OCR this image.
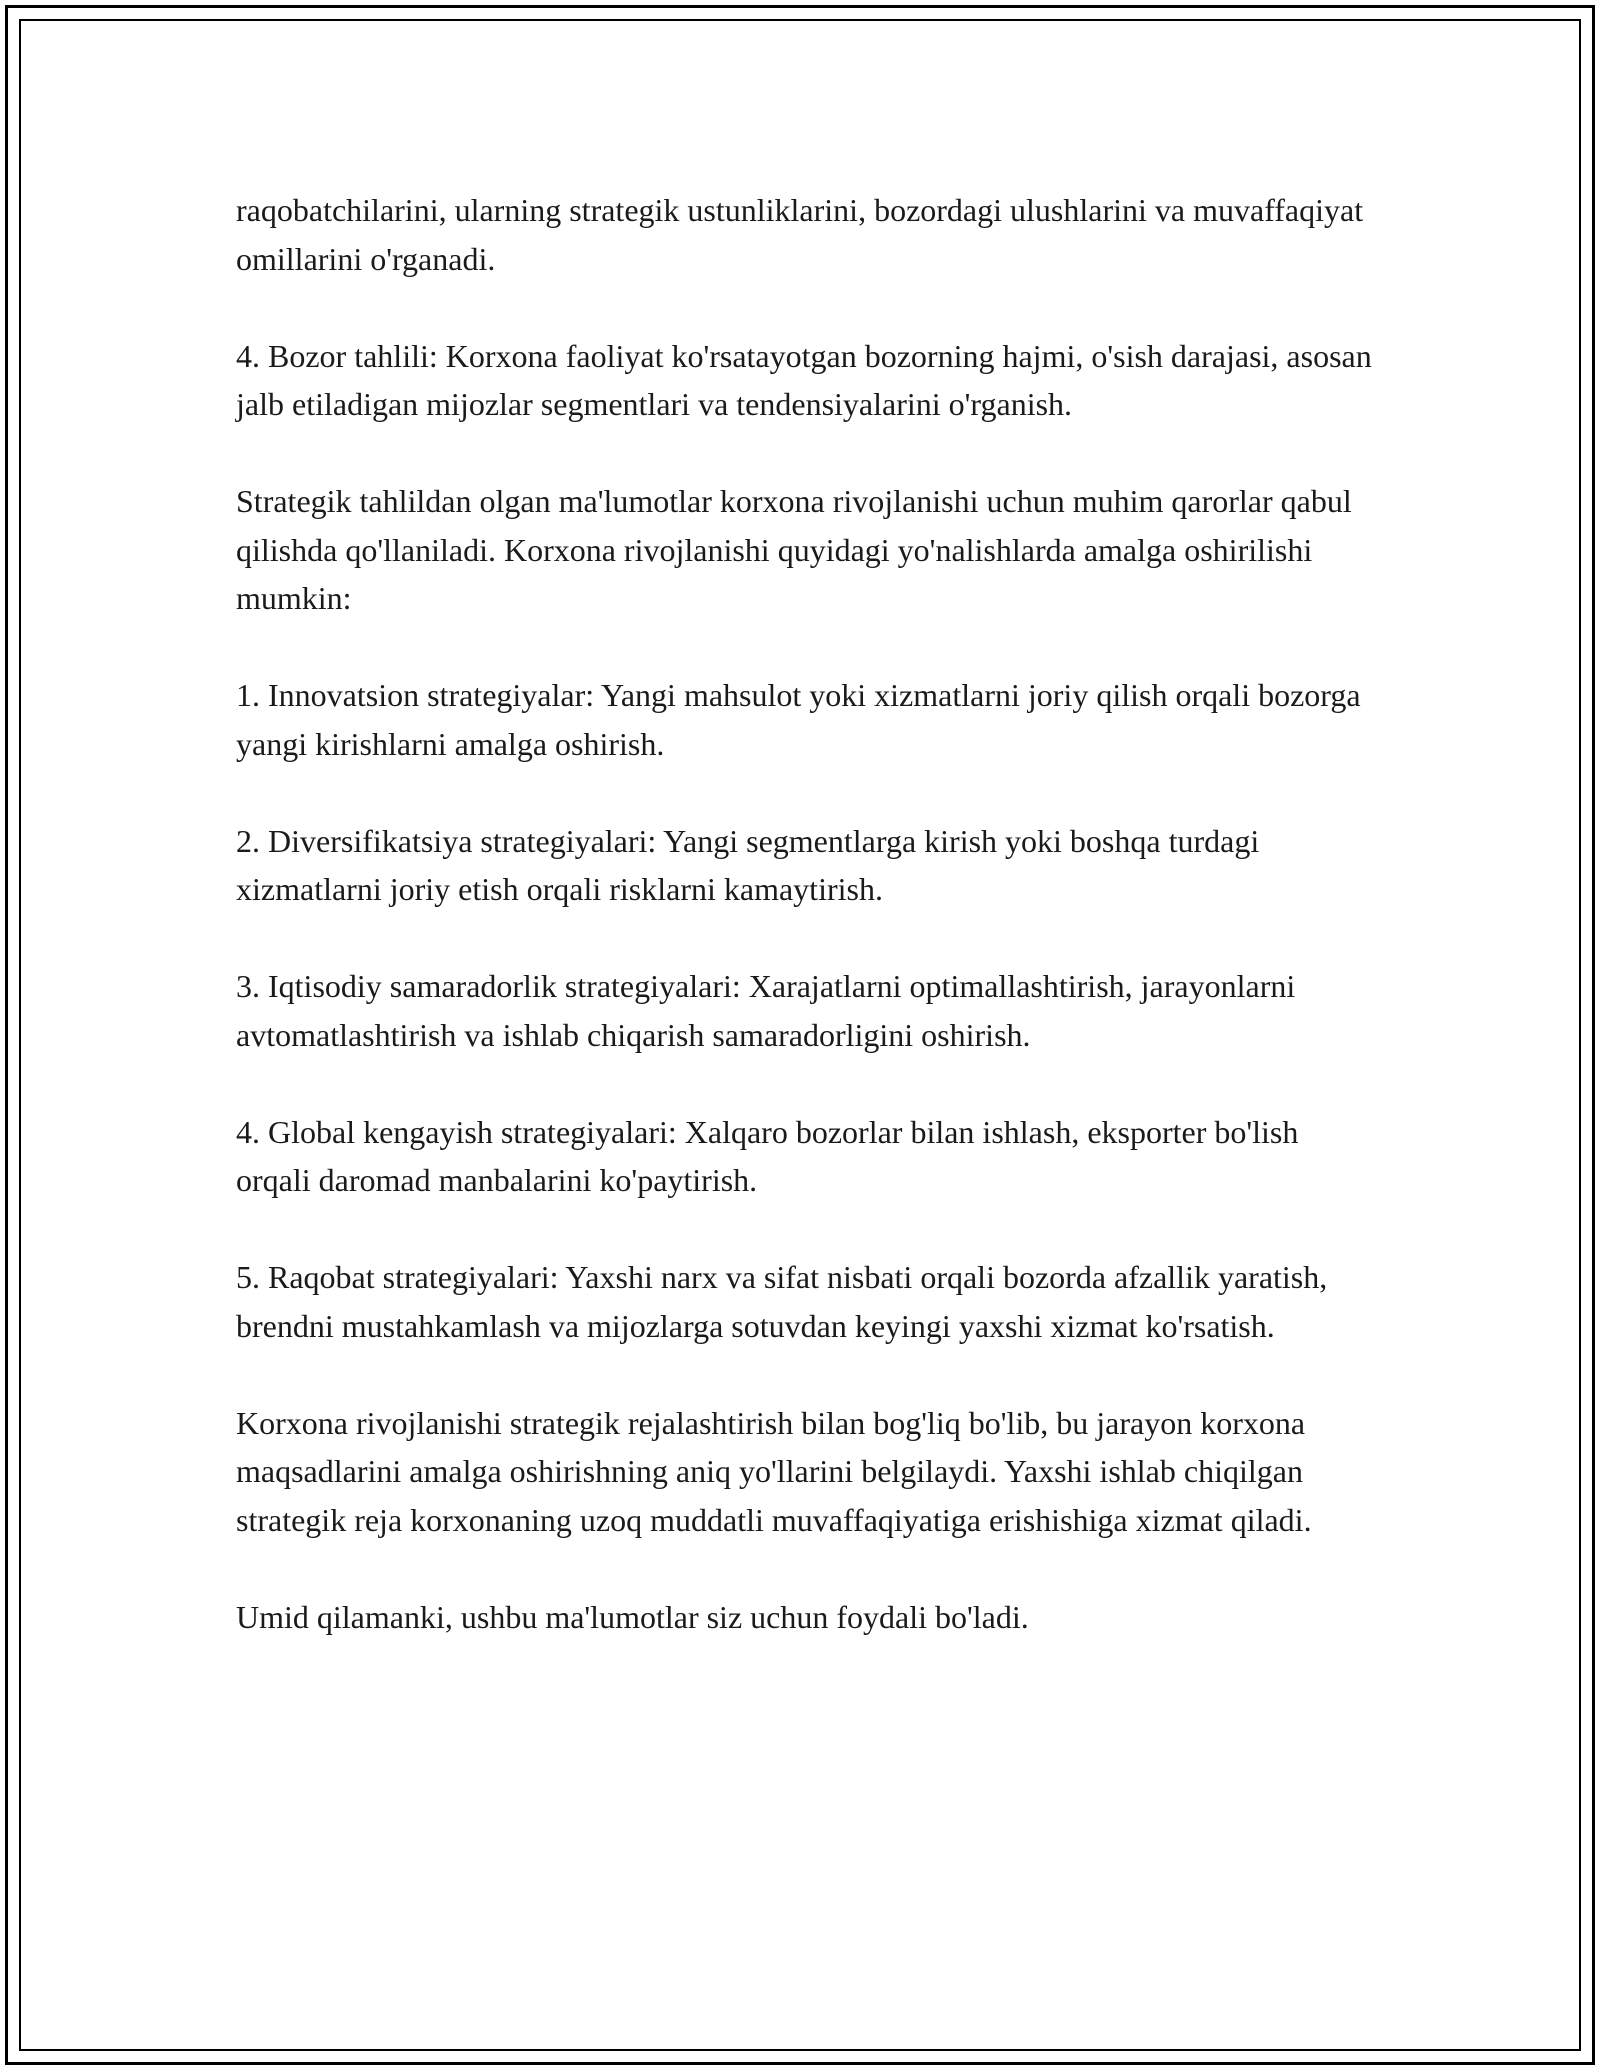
raqobatchilarini, ularning strategik ustunliklarini, bozordagi ulushlarini va muvaffaqiyat omillarini o'rganadi.

4. Bozor tahlili: Korxona faoliyat ko'rsatayotgan bozorning hajmi, o'sish darajasi, asosan jalb etiladigan mijozlar segmentlari va tendensiyalarini o'rganish.

Strategik tahlildan olgan ma'lumotlar korxona rivojlanishi uchun muhim qarorlar qabul qilishda qo'llaniladi. Korxona rivojlanishi quyidagi yo'nalishlarda amalga oshirilishi mumkin:

1. Innovatsion strategiyalar: Yangi mahsulot yoki xizmatlarni joriy qilish orqali bozorga yangi kirishlarni amalga oshirish.

2. Diversifikatsiya strategiyalari: Yangi segmentlarga kirish yoki boshqa turdagi xizmatlarni joriy etish orqali risklarni kamaytirish.

3. Iqtisodiy samaradorlik strategiyalari: Xarajatlarni optimallashtirish, jarayonlarni avtomatlashtirish va ishlab chiqarish samaradorligini oshirish.

4. Global kengayish strategiyalari: Xalqaro bozorlar bilan ishlash, eksporter bo'lish orqali daromad manbalarini ko'paytirish.

5. Raqobat strategiyalari: Yaxshi narx va sifat nisbati orqali bozorda afzallik yaratish, brendni mustahkamlash va mijozlarga sotuvdan keyingi yaxshi xizmat ko'rsatish.

Korxona rivojlanishi strategik rejalashtirish bilan bog'liq bo'lib, bu jarayon korxona maqsadlarini amalga oshirishning aniq yo'llarini belgilaydi. Yaxshi ishlab chiqilgan strategik reja korxonaning uzoq muddatli muvaffaqiyatiga erishishiga xizmat qiladi.

Umid qilamanki, ushbu ma'lumotlar siz uchun foydali bo'ladi.
